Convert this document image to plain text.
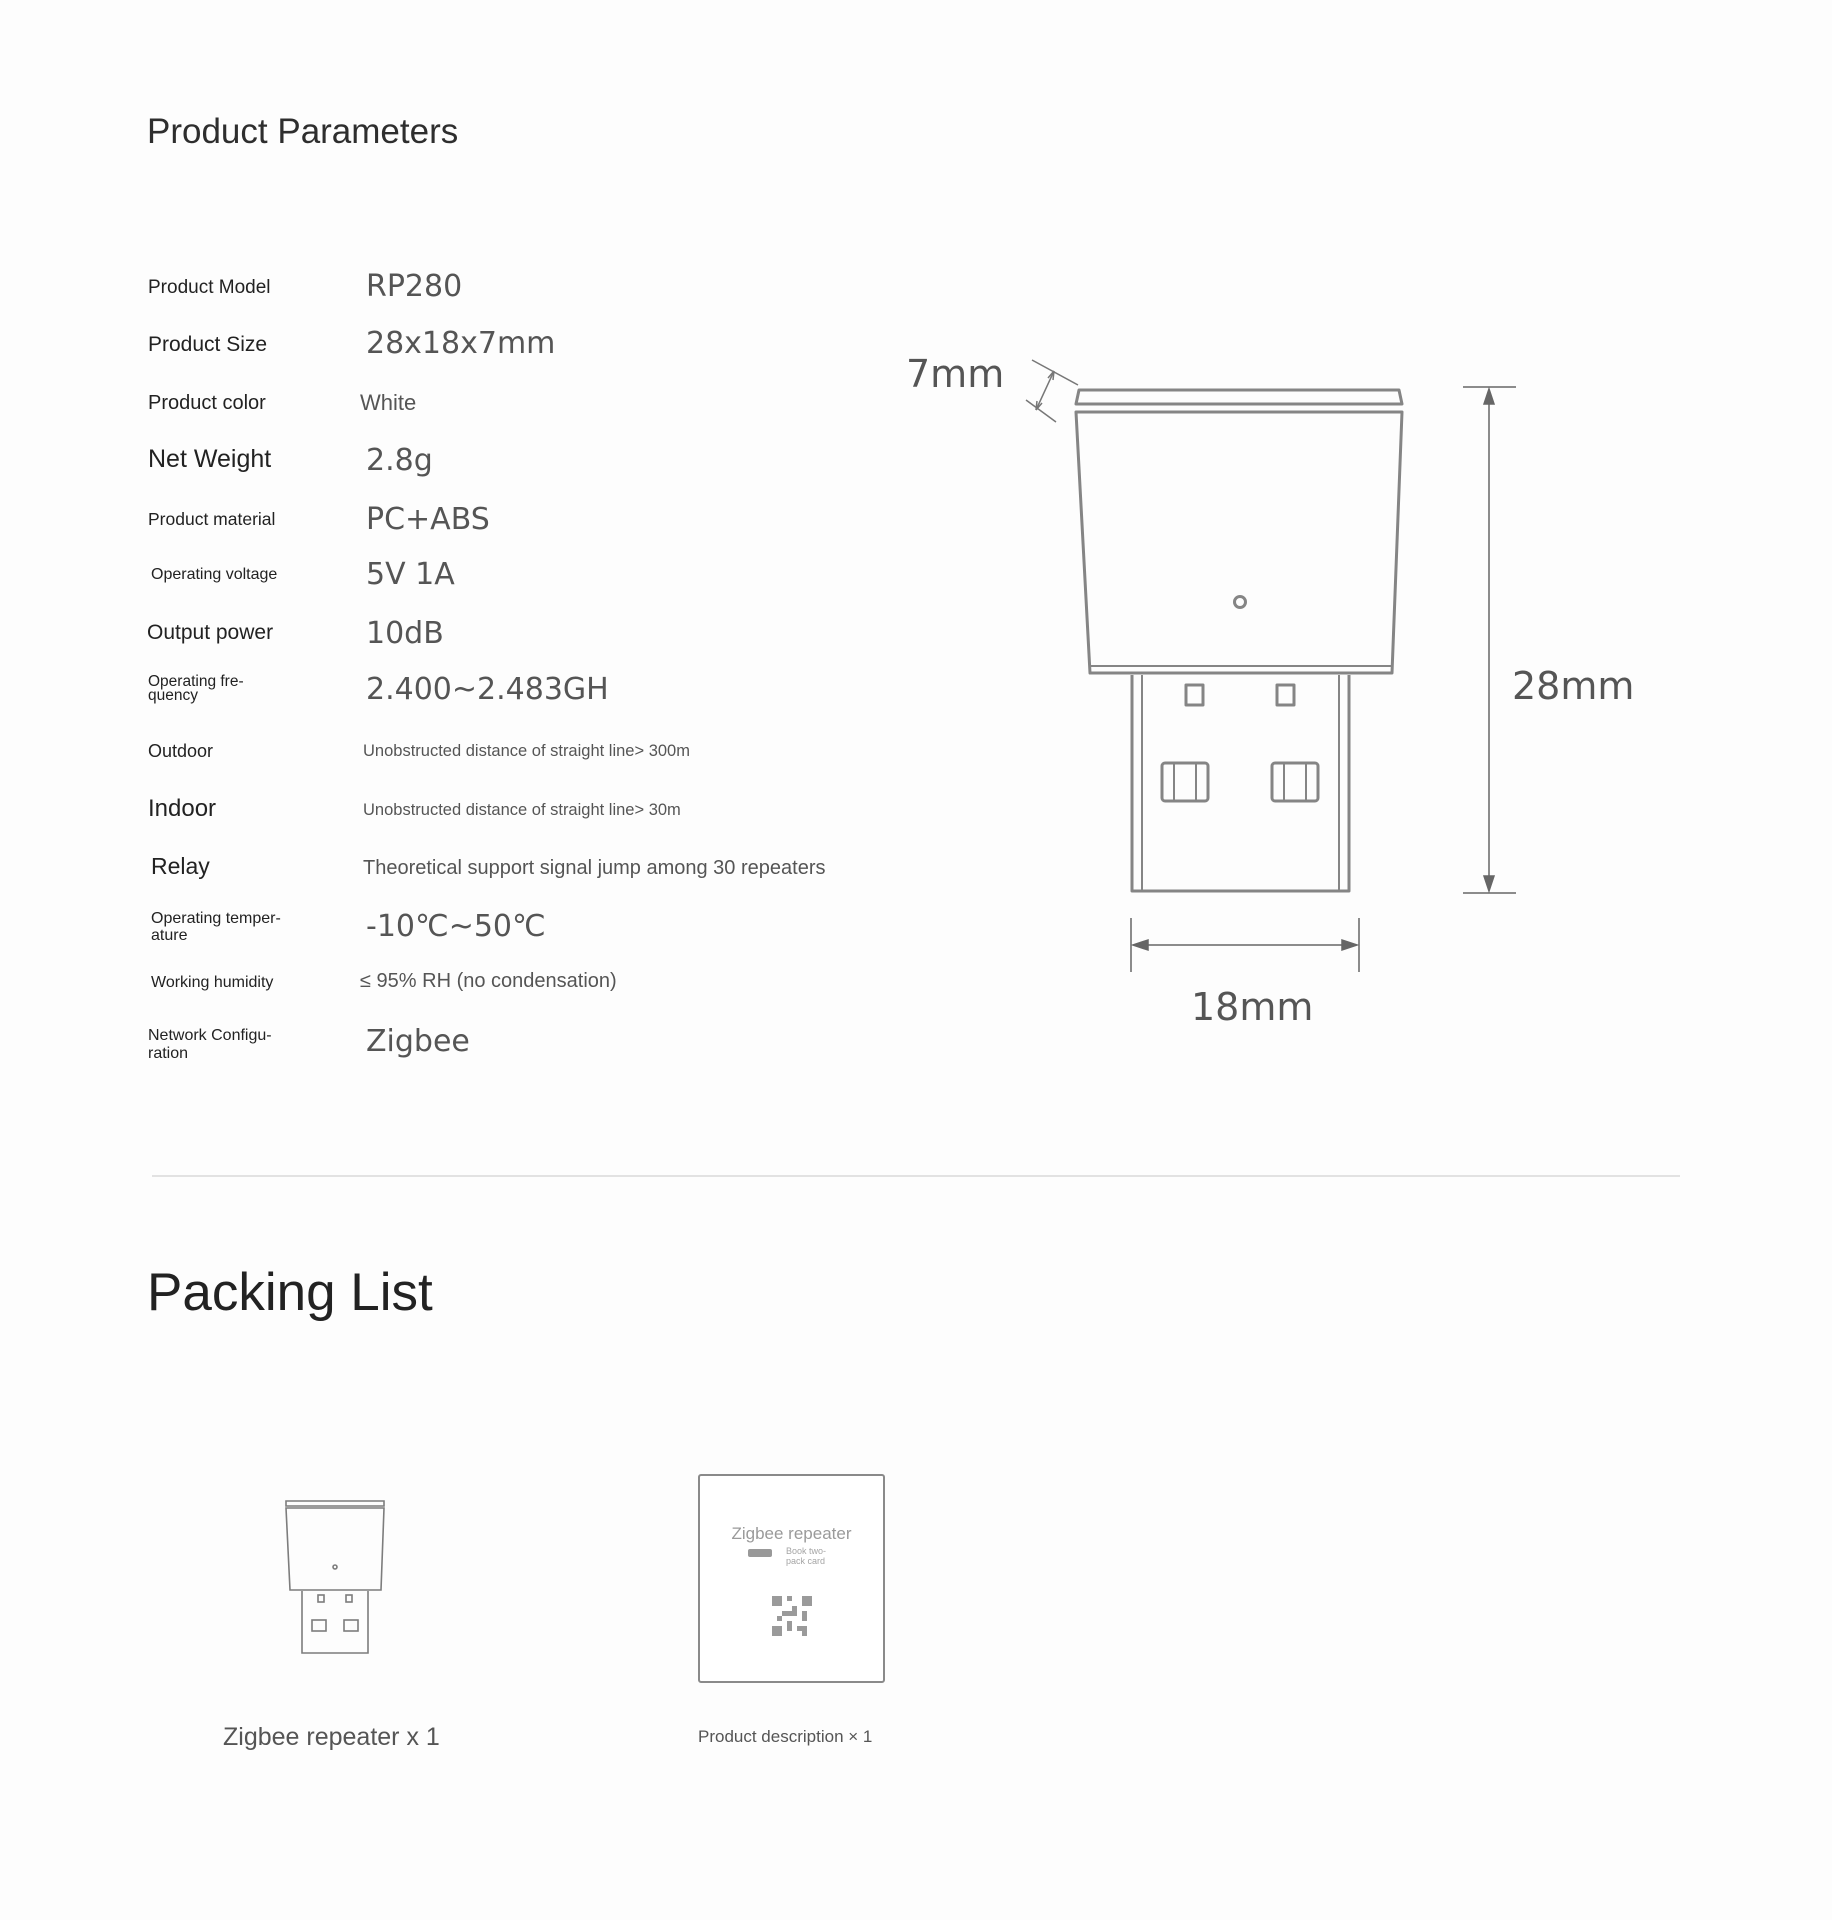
Product Parameters
Product Model	RP280
Product Size	28x18x7mm
Product color	White
Net Weight	2.8g
Product material	PC+ABS
Operating voltage	5V 1A
Output power	10dB
Operating fre-
quency	2.400~2.483GH
Outdoor	Unobstructed distance of straight line> 300m
Indoor	Unobstructed distance of straight line> 30m
Relay	Theoretical support signal jump among 30 repeaters
Operating temper-
ature	-10℃~50℃
Working humidity	≤ 95% RH (no condensation)
Network Configu-
ration	Zigbee
7mm
28mm
18mm
Packing List
Zigbee repeater x 1
Zigbee repeater
Book two-
pack card
Product description × 1
